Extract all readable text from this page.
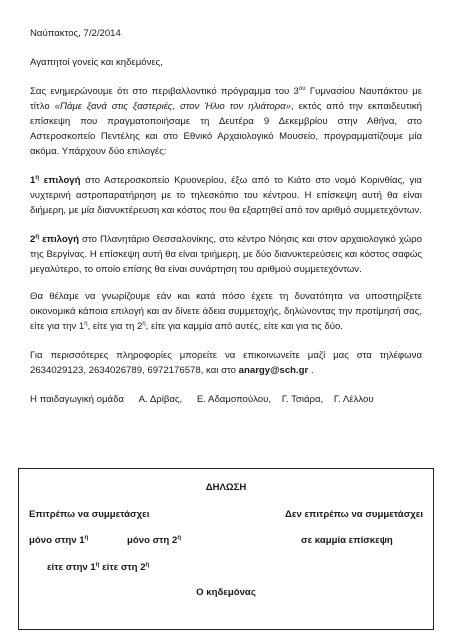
Ναύπακτος, 7/2/2014
Αγαπητοί γονείς και κηδεμόνες,
Σας ενημερώνουμε ότι στο περιβαλλοντικό πρόγραμμα του $3^{o\upsilon}$ Γυμνασίου Ναυπάκτου με τίτλο «Πάμε ξανά στις ξαστεριές, στον Ήλιο τον ηλιάτορα», εκτός από την εκπαιδευτική επίσκεψη που πραγματοποιήσαμε τη Δευτέρα 9 Δεκεμβρίου στην Αθήνα, στο Αστεροσκοπείο Πεντέλης και στο Εθνικό Αρχαιολογικό Μουσείο, προγραμματίζουμε μία ακόμα. Υπάρχουν δύο επιλογές:
$1^\eta$ επιλογή στο Αστεροσκοπείο Κρυονερίου, έξω από το Κιάτο στο νομό Κορινθίας, για νυχτερινή αστροπαρατήρηση με το τηλεσκόπιο του κέντρου. Η επίσκεψη αυτή θα είναι διήμερη, με μία διανυκτέρευση και κόστος που θα εξαρτηθεί από τον αριθμό συμμετεχόντων.
$2^\eta$ επιλογή στο Πλανητάριο Θεσσαλονίκης, στο κέντρο Νόησις και στον αρχαιολογικό χώρο της Βεργίνας. Η επίσκεψη αυτή θα είναι τριήμερη, με δύο διανυκτερεύσεις και κόστος σαφώς μεγαλύτερο, το οποίο επίσης θα είναι συνάρτηση του αριθμού συμμετεχόντων.
Θα θέλαμε να γνωρίζουμε εάν και κατά πόσο έχετε τη δυνατότητα να υποστηρίξετε οικονομικά κάποια επιλογή και αν δίνετε άδεια συμμετοχής, δηλώνοντας την προτίμησή σας, είτε για την $1^\eta$, είτε για τη $2^\eta$, είτε για καμμία από αυτές, είτε και για τις δύο.
Για περισσότερες πληροφορίες μπορείτε να επικοινωνείτε μαζί μας στα τηλέφωνα 2634029123, 2634026789, 6972176578, και στο anargy@sch.gr .
Η παιδαγωγική ομάδα Α. Δρίβας, Ε. Αδαμοπούλου, Γ. Τσιάρα, Γ. Λέλλου
ΔΗΛΩΣΗ
Επιτρέπω να συμμετάσχει	Δεν επιτρέπω να συμμετάσχει
μόνο στην $1^\eta$	μόνο στη $2^\eta$	σε καμμία επίσκεψη
είτε στην $1^\eta$ είτε στη $2^\eta$
Ο κηδεμόνας
